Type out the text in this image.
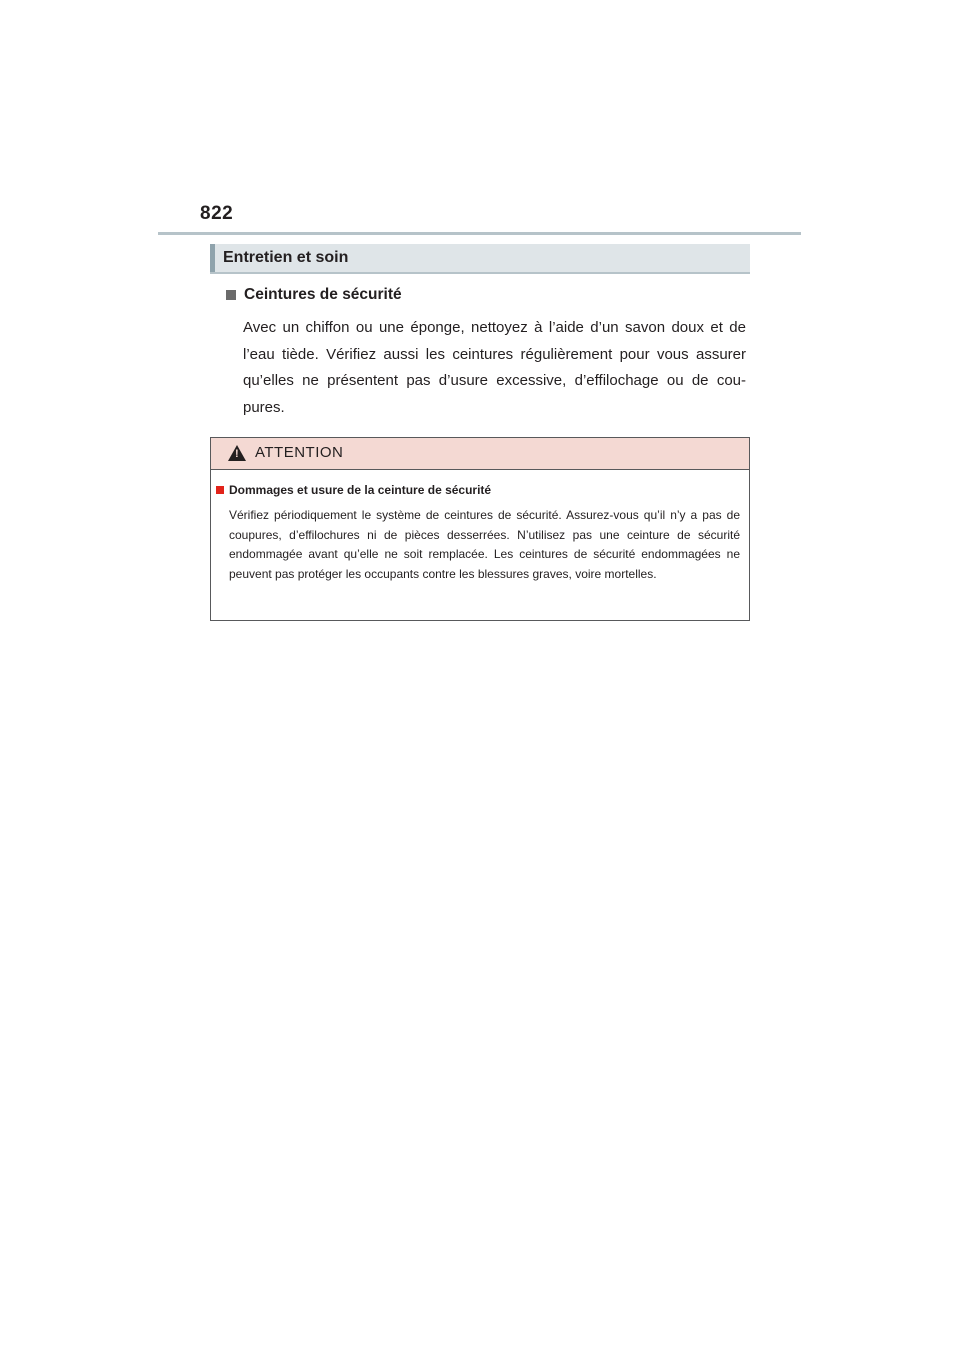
822
Entretien et soin
Ceintures de sécurité
Avec un chiffon ou une éponge, nettoyez à l’aide d’un savon doux et de l’eau tiède. Vérifiez aussi les ceintures régulièrement pour vous assurer qu’elles ne présentent pas d’usure excessive, d’effilochage ou de cou-pures.
! ATTENTION
Dommages et usure de la ceinture de sécurité
Vérifiez périodiquement le système de ceintures de sécurité. Assurez-vous qu’il n’y a pas de coupures, d’effilochures ni de pièces desserrées. N’utilisez pas une ceinture de sécurité endommagée avant qu’elle ne soit remplacée. Les ceintures de sécurité endommagées ne peuvent pas protéger les occupants contre les blessures graves, voire mortelles.
